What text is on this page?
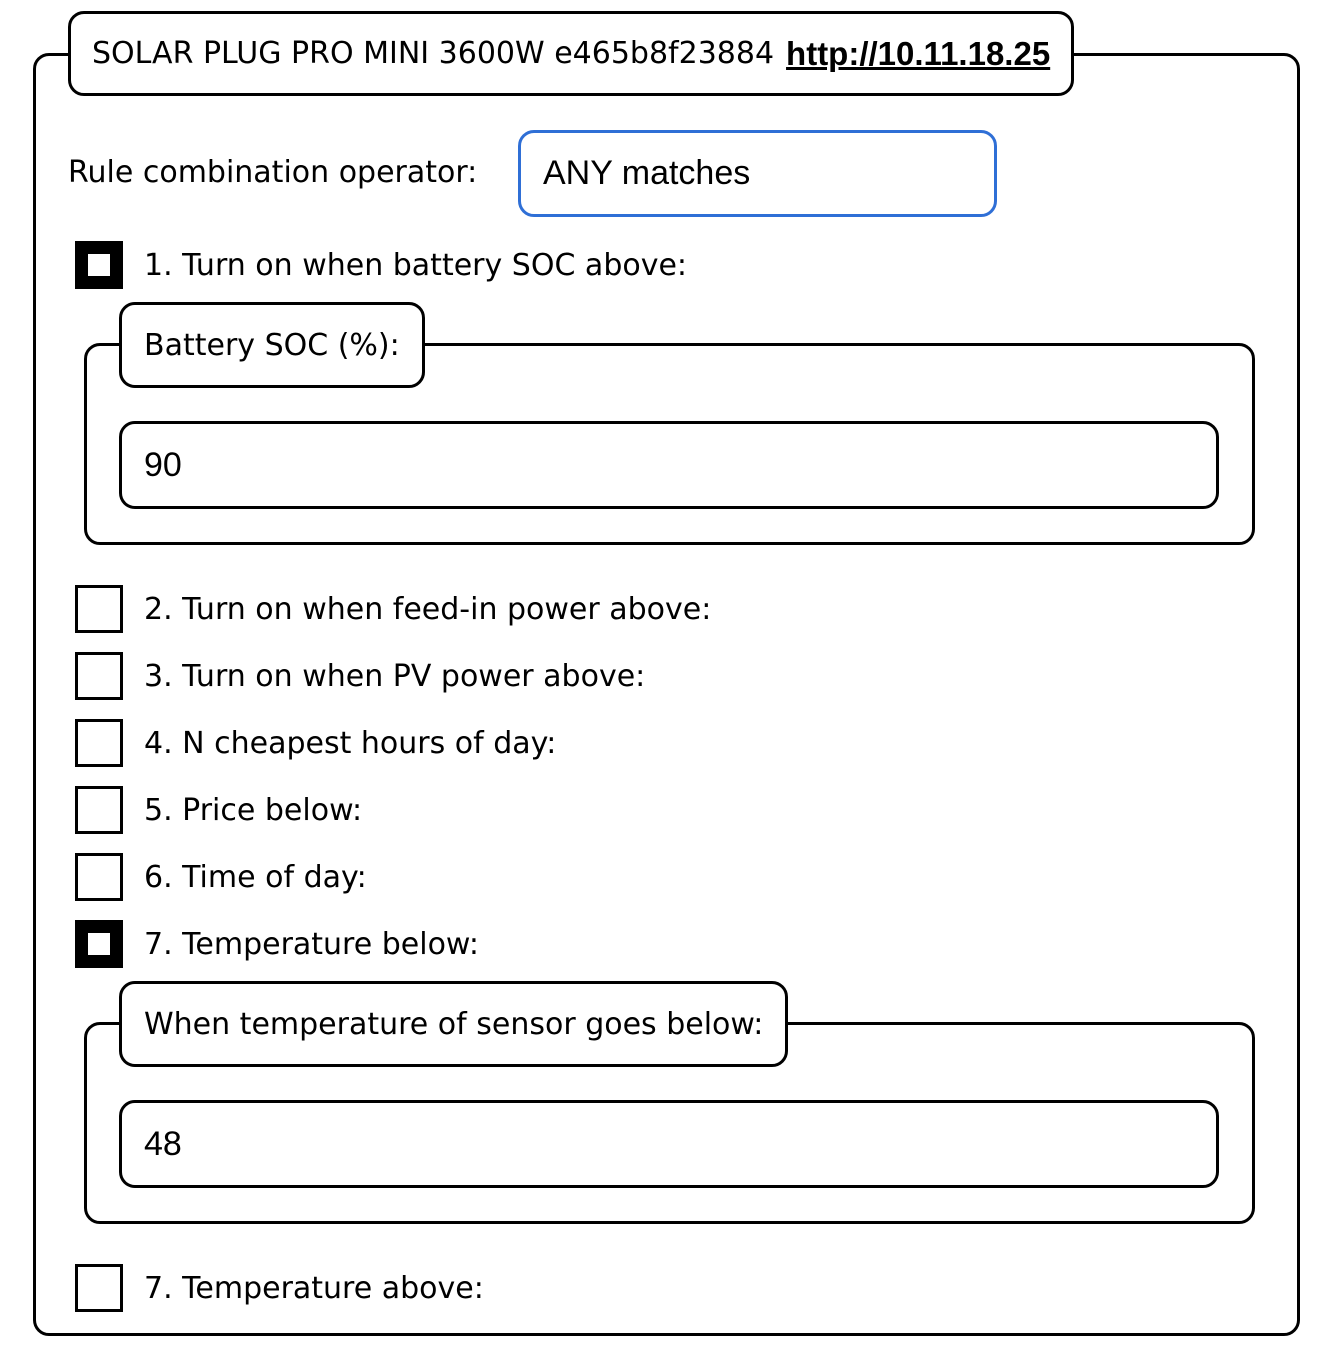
SOLAR PLUG PRO MINI 3600W e465b8f23884 http://10.11.18.25
Rule combination operator:	ANY matches
1. Turn on when battery SOC above:
Battery SOC (%):
90
2. Turn on when feed-in power above:
3. Turn on when PV power above:
4. N cheapest hours of day:
5. Price below:
6. Time of day:
7. Temperature below:
When temperature of sensor goes below:
48
7. Temperature above:
